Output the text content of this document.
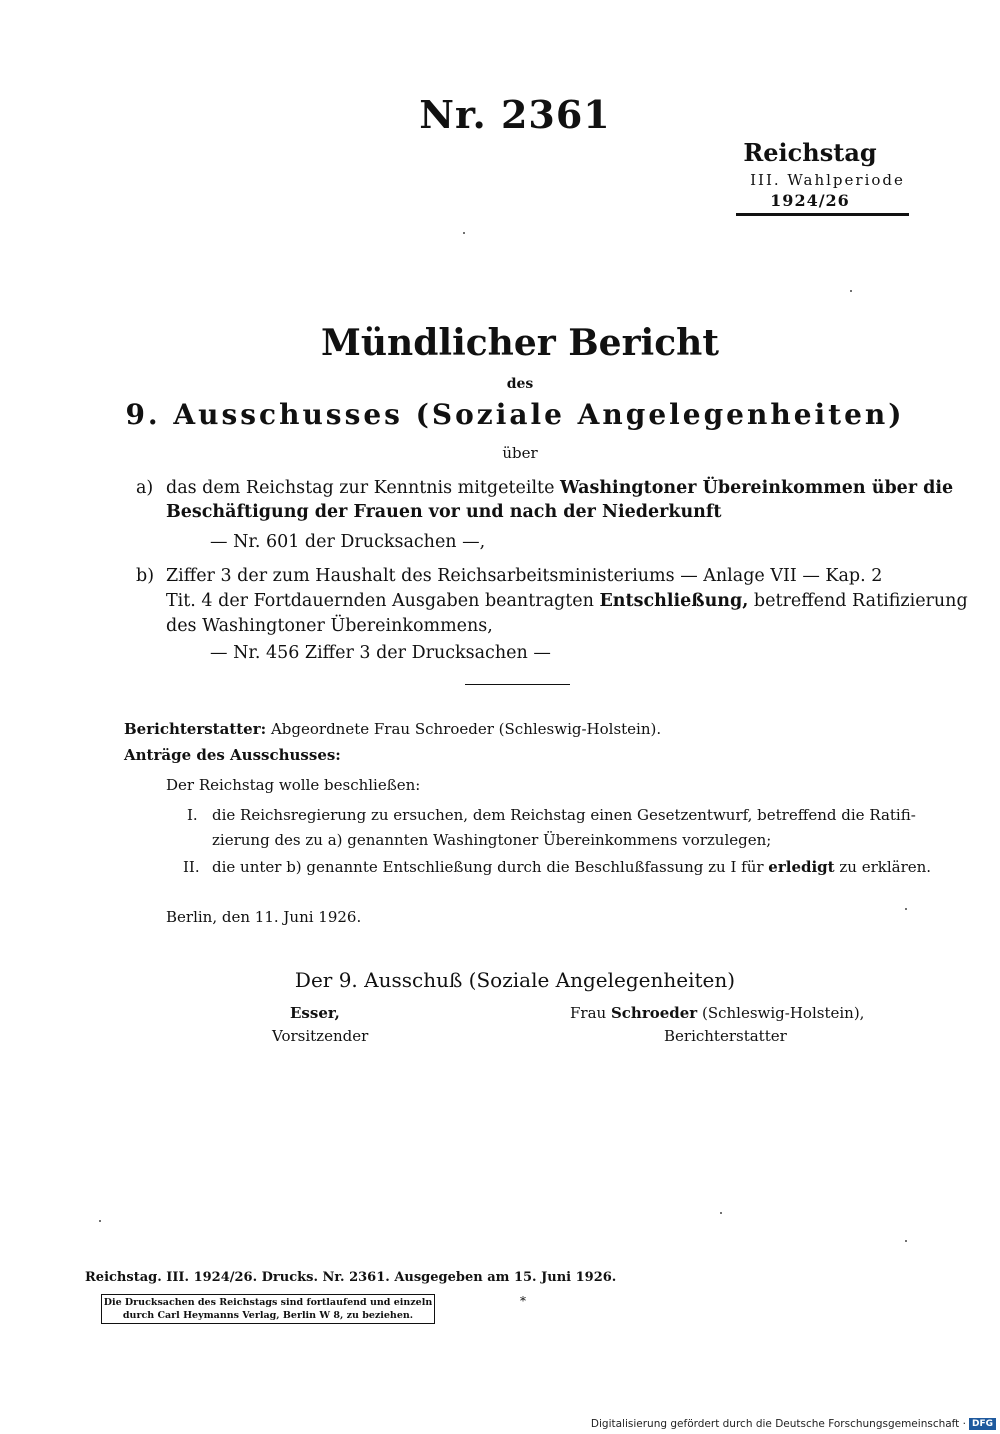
Nr. 2361
Reichstag
III. Wahlperiode
1924/26
Mündlicher Bericht
des
9. Ausschusses (Soziale Angelegenheiten)
über
a) das dem Reichstag zur Kenntnis mitgeteilte Washingtoner Übereinkommen über die
Beschäftigung der Frauen vor und nach der Niederkunft
— Nr. 601 der Drucksachen —,
b) Ziffer 3 der zum Haushalt des Reichsarbeitsministeriums — Anlage VII — Kap. 2
Tit. 4 der Fortdauernden Ausgaben beantragten Entschließung, betreffend Ratifizierung
des Washingtoner Übereinkommens,
— Nr. 456 Ziffer 3 der Drucksachen —
Berichterstatter: Abgeordnete Frau Schroeder (Schleswig-Holstein).
Anträge des Ausschusses:
Der Reichstag wolle beschließen:
I. die Reichsregierung zu ersuchen, dem Reichstag einen Gesetzentwurf, betreffend die Ratifi-
zierung des zu a) genannten Washingtoner Übereinkommens vorzulegen;
II. die unter b) genannte Entschließung durch die Beschlußfassung zu I für erledigt zu erklären.
Berlin, den 11. Juni 1926.
Der 9. Ausschuß (Soziale Angelegenheiten)
Esser,
Vorsitzender
Frau Schroeder (Schleswig-Holstein),
Berichterstatter
Reichstag. III. 1924/26. Drucks. Nr. 2361. Ausgegeben am 15. Juni 1926.
Die Drucksachen des Reichstags sind fortlaufend und einzeln
durch Carl Heymanns Verlag, Berlin W 8, zu beziehen.
*
Digitalisierung gefördert durch die Deutsche Forschungsgemeinschaft · DFG
